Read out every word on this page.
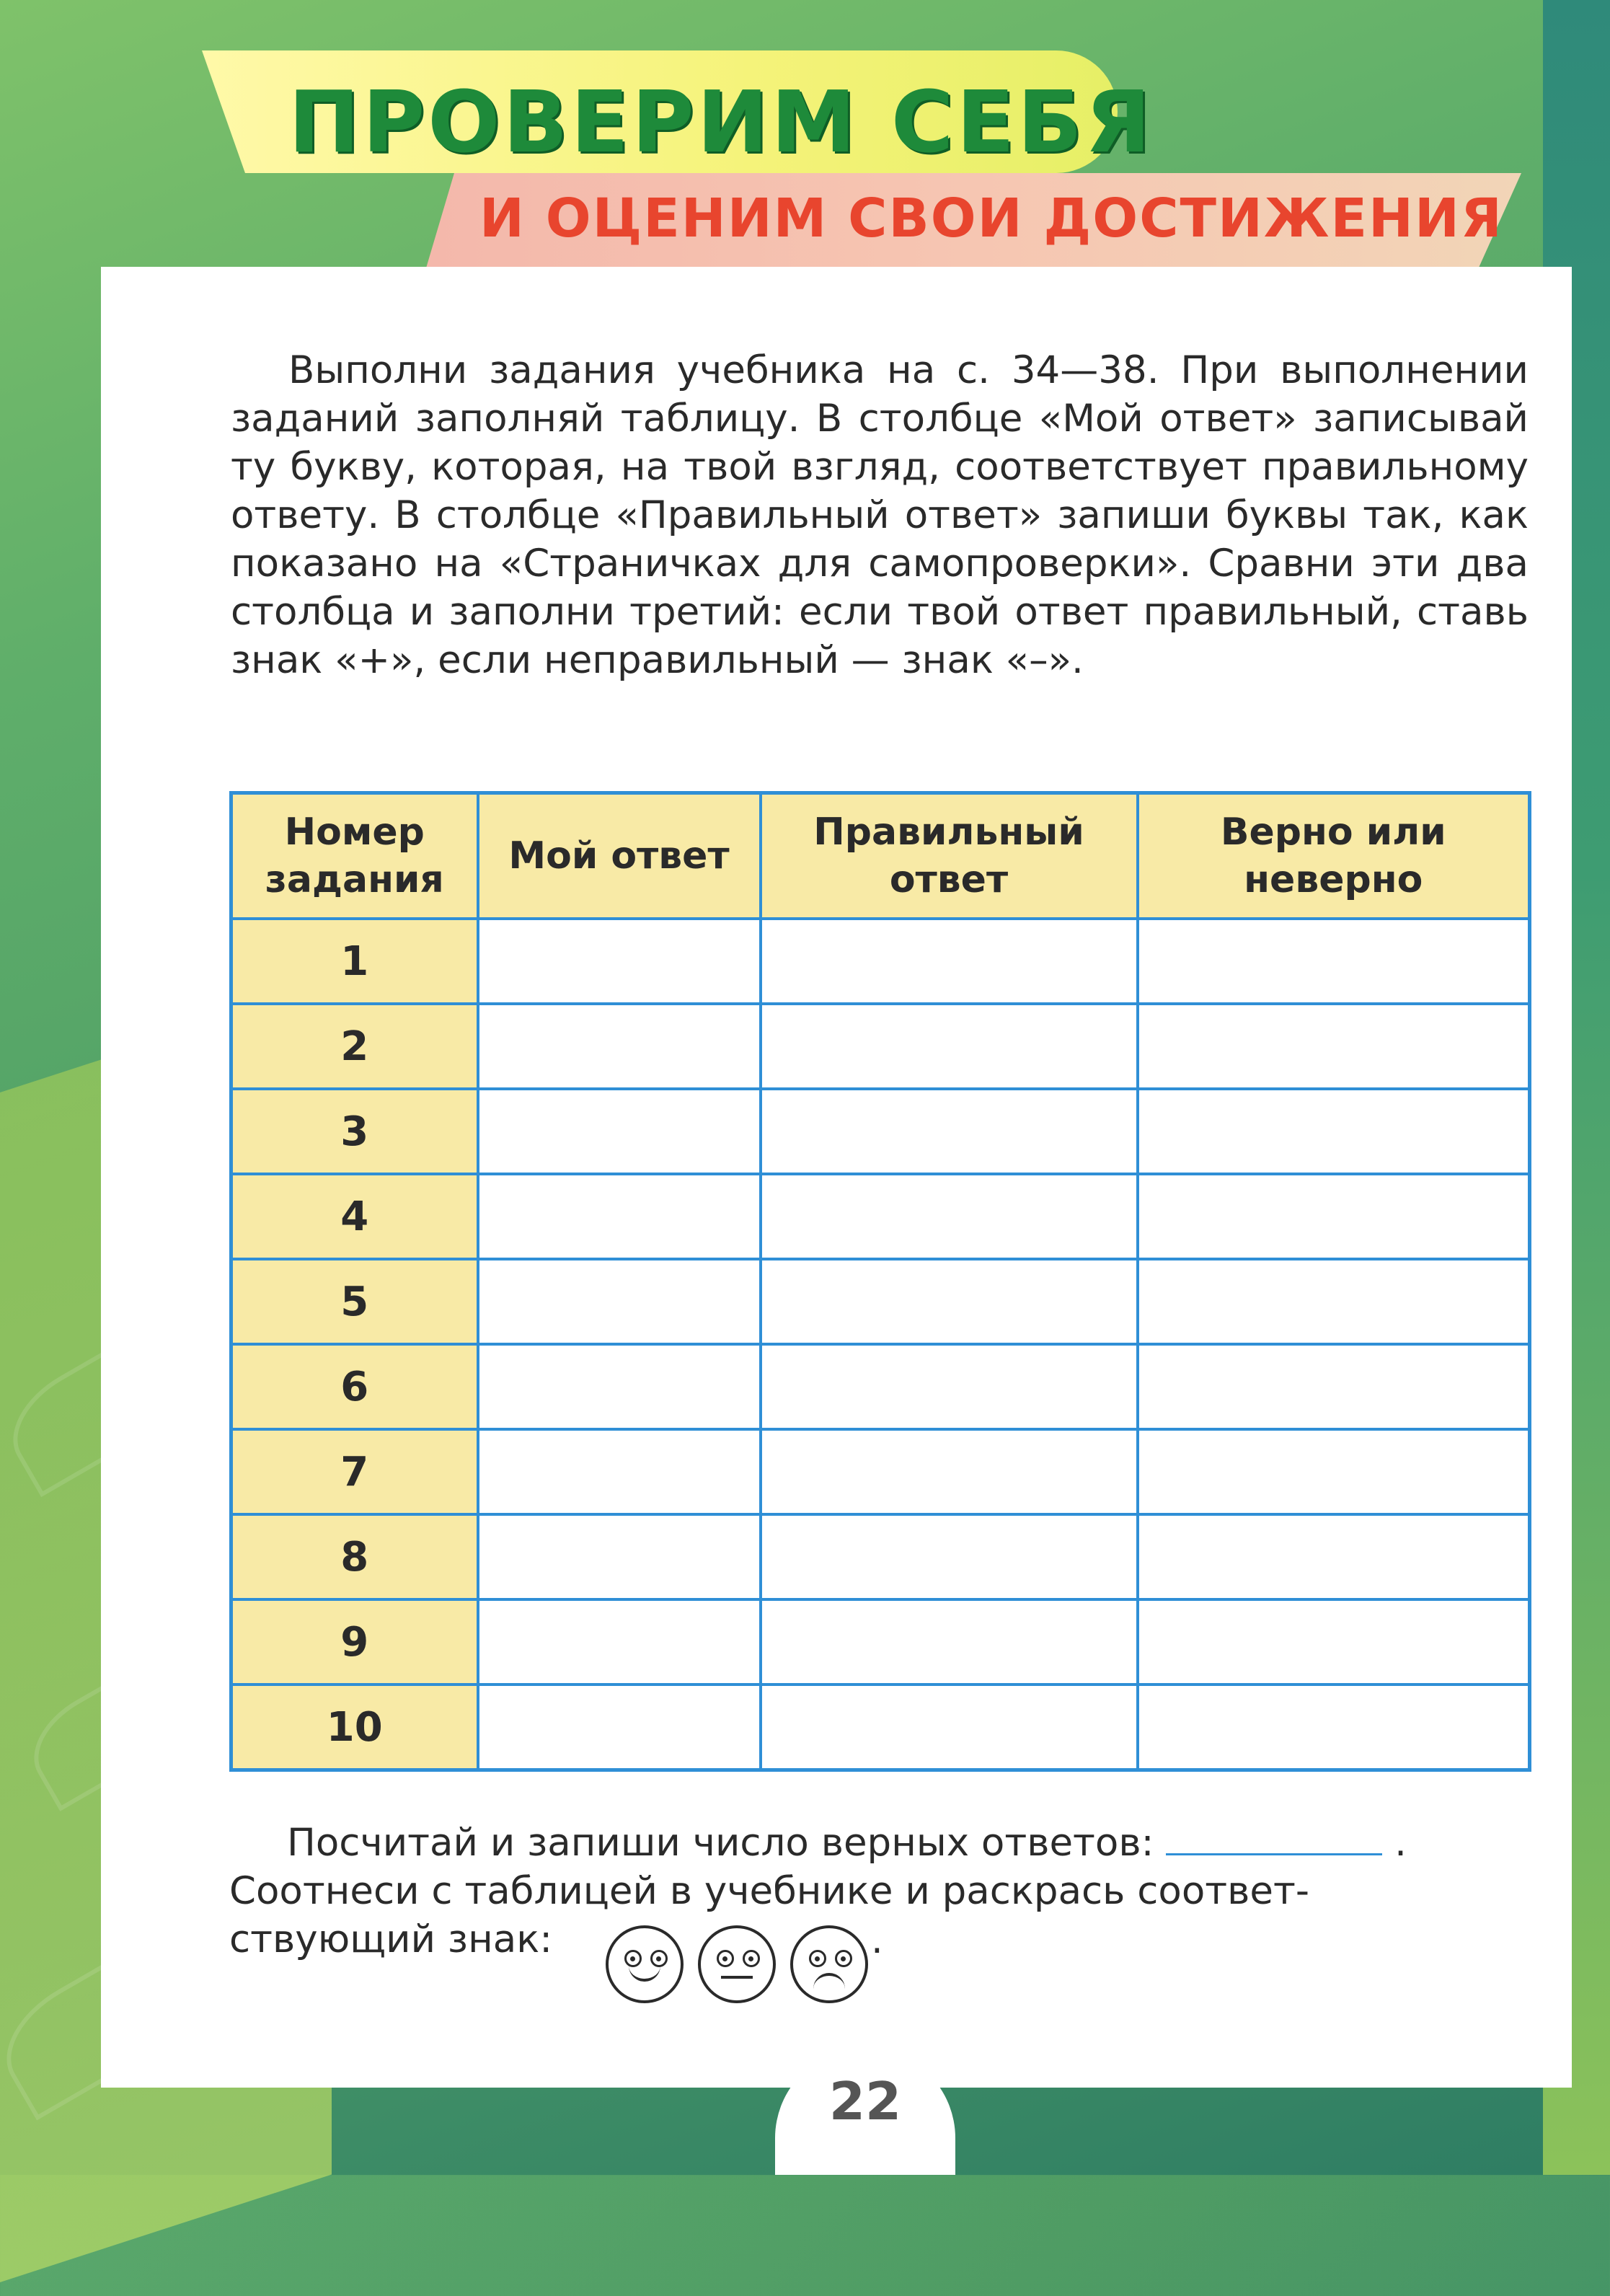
ПРОВЕРИМ СЕБЯ
И ОЦЕНИМ СВОИ ДОСТИЖЕНИЯ

Выполни задания учебника на с. 34—38. При выполнении заданий заполняй таблицу. В столбце «Мой ответ» записывай ту букву, которая, на твой взгляд, соответствует правильному ответу. В столбце «Правильный ответ» запиши буквы так, как показано на «Страничках для самопроверки». Сравни эти два столбца и заполни третий: если твой ответ правильный, ставь знак «+», если неправильный — знак «–».

Номер задания	Мой ответ	Правильный ответ	Верно или неверно
1			
2			
3			
4			
5			
6			
7			
8			
9			
10			

Посчитай и запиши число верных ответов:	.
Соотнеси с таблицей в учебнике и раскрась соответ-
ствующий знак:	.
22
